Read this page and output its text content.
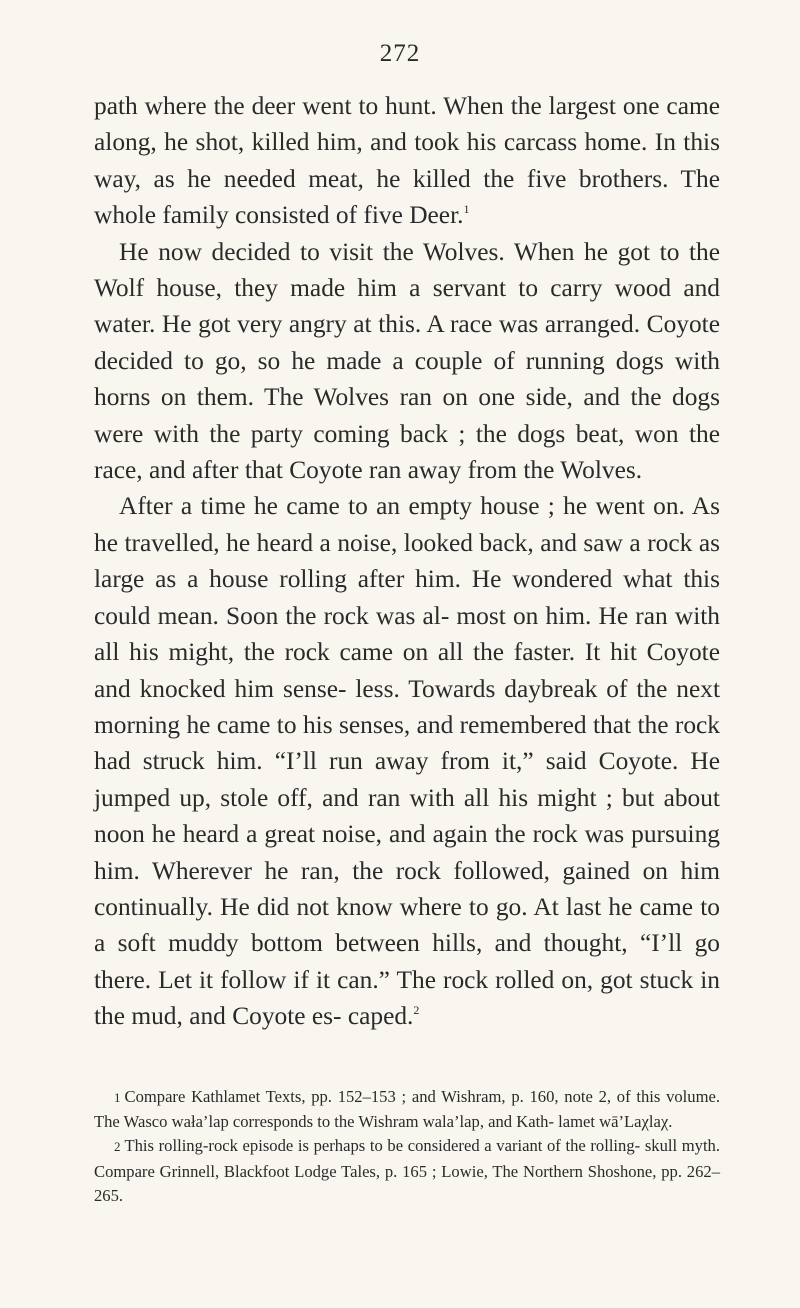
272

path where the deer went to hunt. When the largest one came along, he shot, killed him, and took his carcass home. In this way, as he needed meat, he killed the five brothers. The whole family consisted of five Deer.$^1$

He now decided to visit the Wolves. When he got to the Wolf house, they made him a servant to carry wood and water. He got very angry at this. A race was arranged. Coyote decided to go, so he made a couple of running dogs with horns on them. The Wolves ran on one side, and the dogs were with the party coming back ; the dogs beat, won the race, and after that Coyote ran away from the Wolves.

After a time he came to an empty house ; he went on. As he travelled, he heard a noise, looked back, and saw a rock as large as a house rolling after him. He wondered what this could mean. Soon the rock was al- most on him. He ran with all his might, the rock came on all the faster. It hit Coyote and knocked him sense- less. Towards daybreak of the next morning he came to his senses, and remembered that the rock had struck him. “I’ll run away from it,” said Coyote. He jumped up, stole off, and ran with all his might ; but about noon he heard a great noise, and again the rock was pursuing him. Wherever he ran, the rock followed, gained on him continually. He did not know where to go. At last he came to a soft muddy bottom between hills, and thought, “I’ll go there. Let it follow if it can.” The rock rolled on, got stuck in the mud, and Coyote es- caped.$^2$

1 Compare Kathlamet Texts, pp. 152–153 ; and Wishram, p. 160, note 2, of this volume. The Wasco wała’lap corresponds to the Wishram wala’lap, and Kath- lamet wā’Laχlaχ.

2 This rolling-rock episode is perhaps to be considered a variant of the rolling- skull myth. Compare Grinnell, Blackfoot Lodge Tales, p. 165 ; Lowie, The Northern Shoshone, pp. 262–265.
